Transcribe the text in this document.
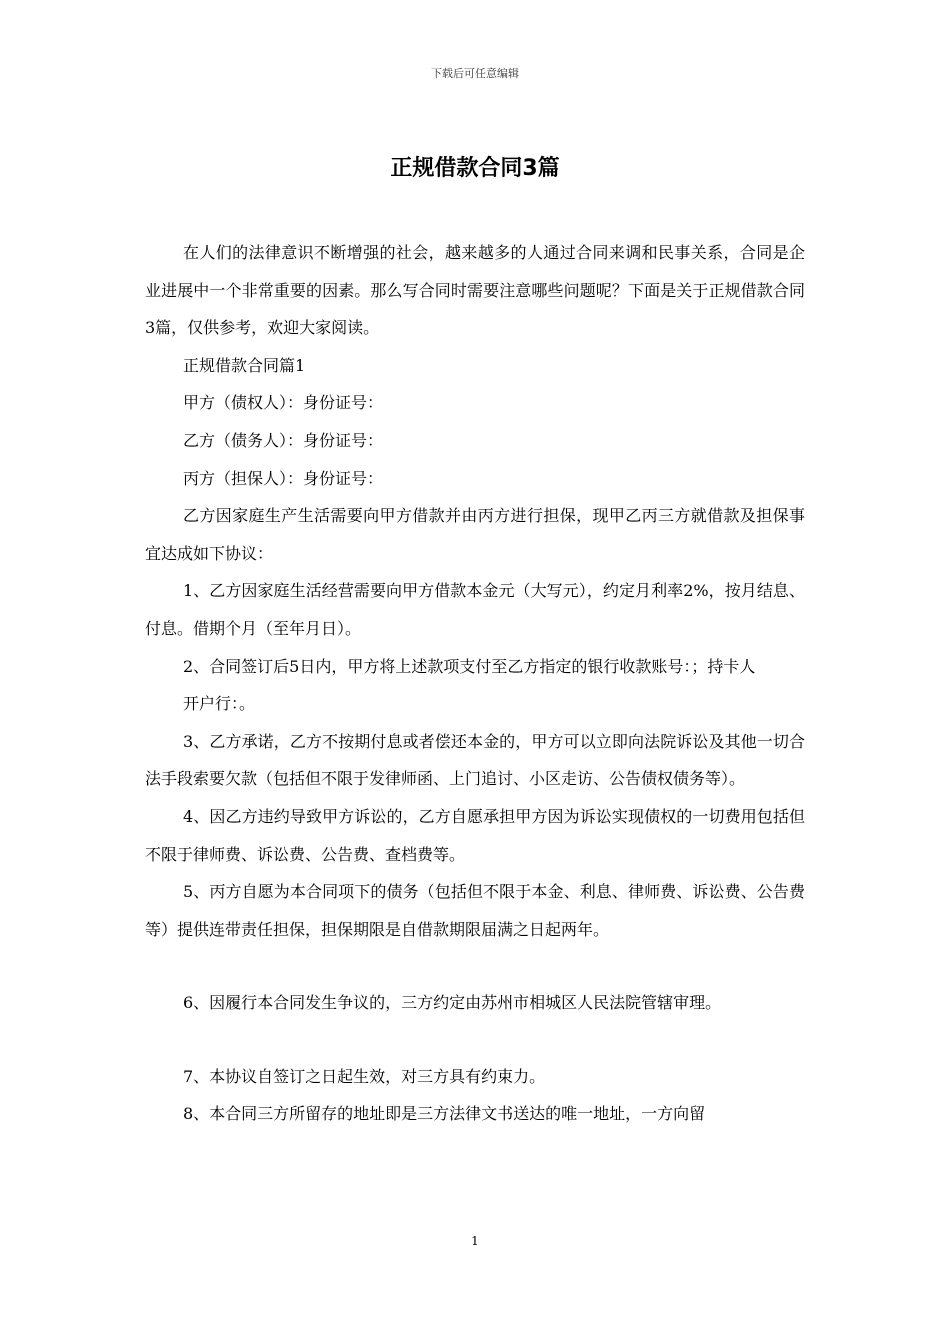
下载后可任意编辑
正规借款合同3篇

在人们的法律意识不断增强的社会，越来越多的人通过合同来调和民事关系，合同是企业进展中一个非常重要的因素。那么写合同时需要注意哪些问题呢？下面是关于正规借款合同3篇，仅供参考，欢迎大家阅读。

正规借款合同篇1

甲方（债权人）：身份证号：

乙方（债务人）：身份证号：

丙方（担保人）：身份证号：

乙方因家庭生产生活需要向甲方借款并由丙方进行担保，现甲乙丙三方就借款及担保事宜达成如下协议：

1、乙方因家庭生活经营需要向甲方借款本金元（大写元），约定月利率2%，按月结息、付息。借期个月（至年月日）。

2、合同签订后5日内，甲方将上述款项支付至乙方指定的银行收款账号：；持卡人

开户行：。

3、乙方承诺，乙方不按期付息或者偿还本金的，甲方可以立即向法院诉讼及其他一切合法手段索要欠款（包括但不限于发律师函、上门追讨、小区走访、公告债权债务等）。

4、因乙方违约导致甲方诉讼的，乙方自愿承担甲方因为诉讼实现债权的一切费用包括但不限于律师费、诉讼费、公告费、查档费等。

5、丙方自愿为本合同项下的债务（包括但不限于本金、利息、律师费、诉讼费、公告费等）提供连带责任担保，担保期限是自借款期限届满之日起两年。

6、因履行本合同发生争议的，三方约定由苏州市相城区人民法院管辖审理。

7、本协议自签订之日起生效，对三方具有约束力。

8、本合同三方所留存的地址即是三方法律文书送达的唯一地址，一方向留

1
